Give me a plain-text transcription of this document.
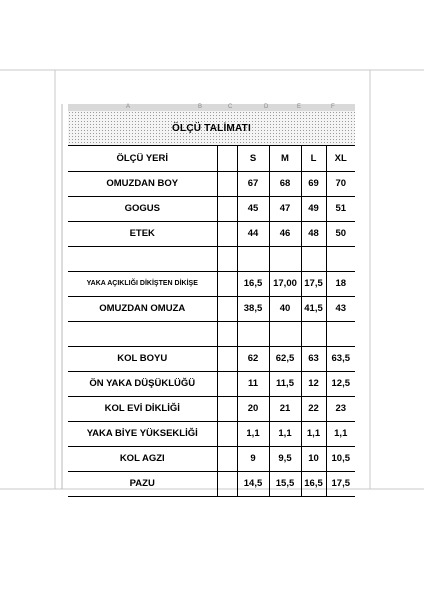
A	B	C	D	E	F
ÖLÇÜ TALİMATI
ÖLÇÜ YERİ		S	M	L	XL
OMUZDAN BOY		67	68	69	70
GOGUS		45	47	49	51
ETEK		44	46	48	50

YAKA AÇIKLIĞI DİKİŞTEN DİKİŞE		16,5	17,00	17,5	18
OMUZDAN OMUZA		38,5	40	41,5	43

KOL BOYU		62	62,5	63	63,5
ÖN YAKA DÜŞÜKLÜĞÜ		11	11,5	12	12,5
KOL EVİ DİKLİĞİ		20	21	22	23
YAKA BİYE YÜKSEKLİĞİ		1,1	1,1	1,1	1,1
KOL AGZI		9	9,5	10	10,5
PAZU		14,5	15,5	16,5	17,5
